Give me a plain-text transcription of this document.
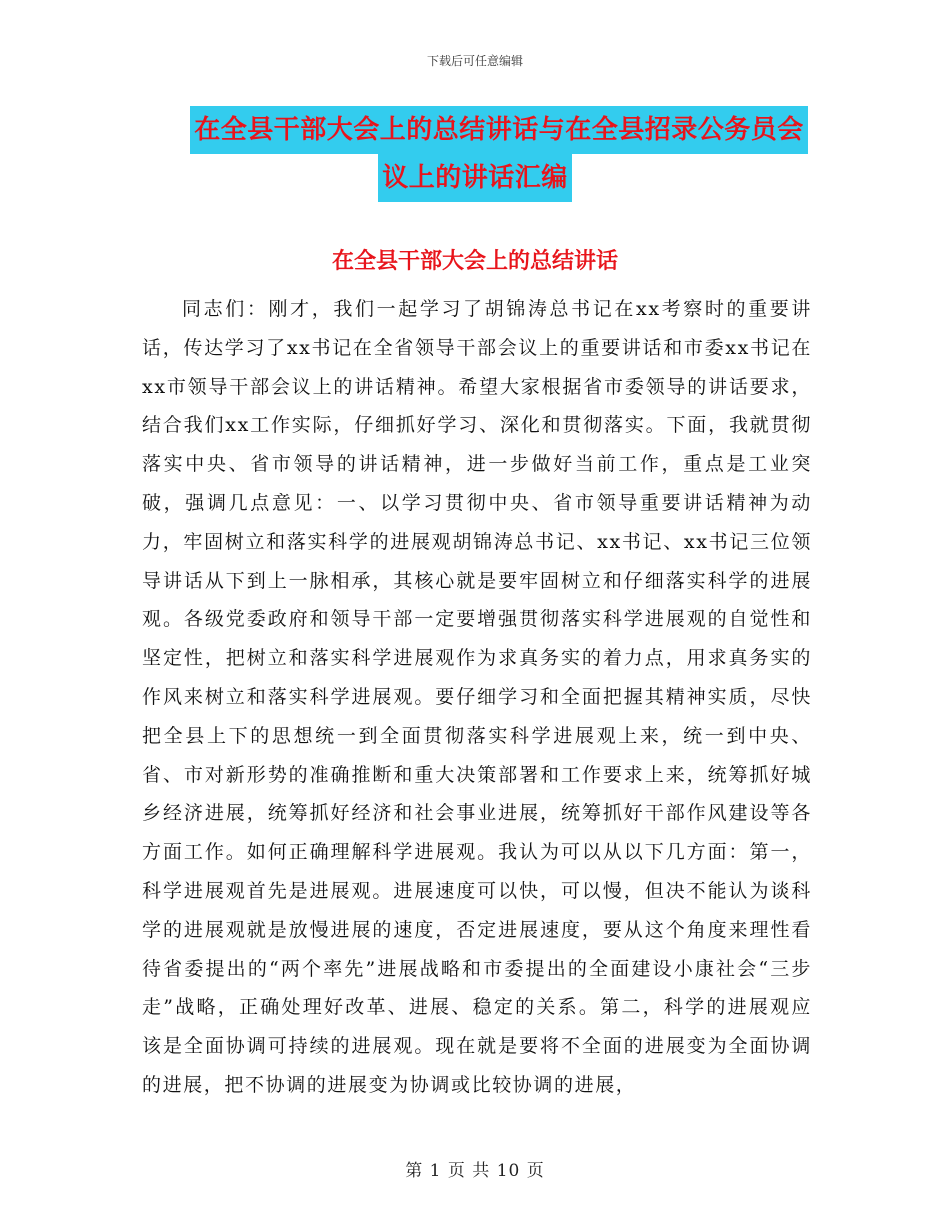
下载后可任意编辑
在全县干部大会上的总结讲话与在全县招录公务员会
议上的讲话汇编
在全县干部大会上的总结讲话

同志们：刚才，我们一起学习了胡锦涛总书记在xx考察时的重要讲话，传达学习了xx书记在全省领导干部会议上的重要讲话和市委xx书记在xx市领导干部会议上的讲话精神。希望大家根据省市委领导的讲话要求，结合我们xx工作实际，仔细抓好学习、深化和贯彻落实。下面，我就贯彻落实中央、省市领导的讲话精神，进一步做好当前工作，重点是工业突破，强调几点意见：一、以学习贯彻中央、省市领导重要讲话精神为动力，牢固树立和落实科学的进展观胡锦涛总书记、xx书记、xx书记三位领导讲话从下到上一脉相承，其核心就是要牢固树立和仔细落实科学的进展观。各级党委政府和领导干部一定要增强贯彻落实科学进展观的自觉性和坚定性，把树立和落实科学进展观作为求真务实的着力点，用求真务实的作风来树立和落实科学进展观。要仔细学习和全面把握其精神实质，尽快把全县上下的思想统一到全面贯彻落实科学进展观上来，统一到中央、省、市对新形势的准确推断和重大决策部署和工作要求上来，统筹抓好城乡经济进展，统筹抓好经济和社会事业进展，统筹抓好干部作风建设等各方面工作。如何正确理解科学进展观。我认为可以从以下几方面：第一，科学进展观首先是进展观。进展速度可以快，可以慢，但决不能认为谈科学的进展观就是放慢进展的速度，否定进展速度，要从这个角度来理性看待省委提出的“两个率先”进展战略和市委提出的全面建设小康社会“三步走”战略，正确处理好改革、进展、稳定的关系。第二，科学的进展观应该是全面协调可持续的进展观。现在就是要将不全面的进展变为全面协调的进展，把不协调的进展变为协调或比较协调的进展，

第 1 页 共 10 页
